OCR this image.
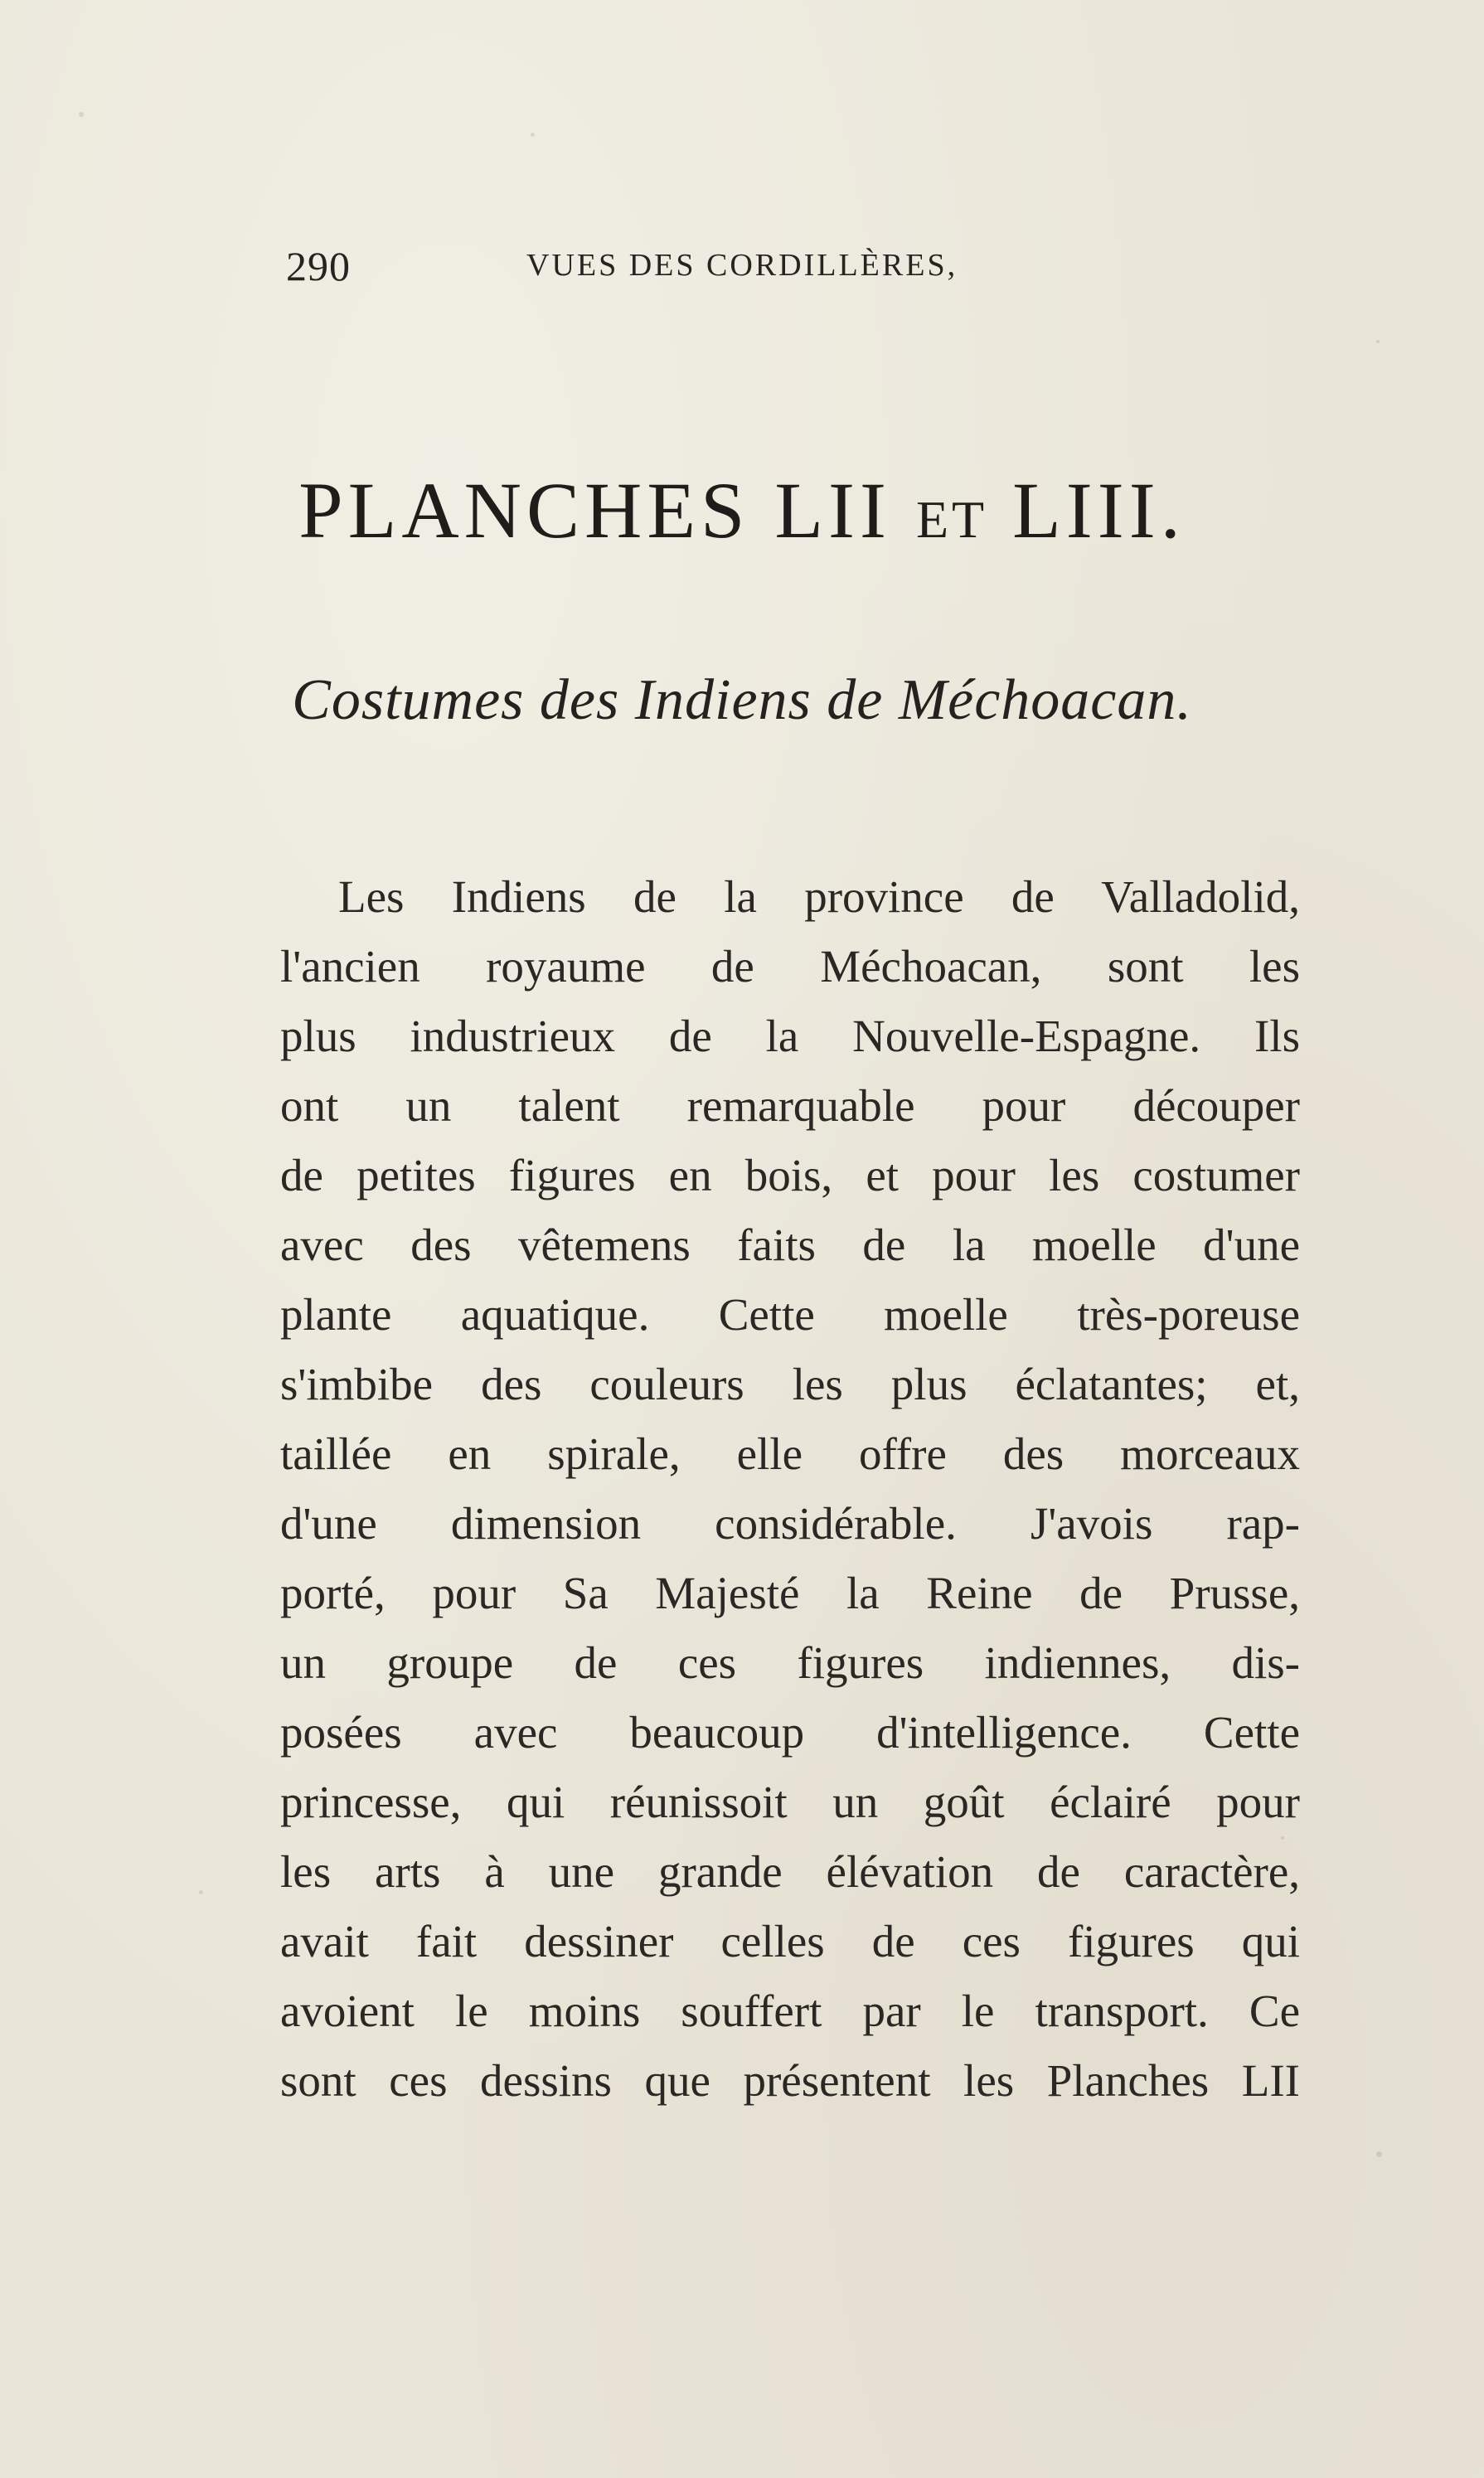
290	VUES DES CORDILLÈRES,
PLANCHES LII ET LIII.
Costumes des Indiens de Méchoacan.
Les Indiens de la province de Valladolid,
l'ancien royaume de Méchoacan, sont les
plus industrieux de la Nouvelle-Espagne. Ils
ont un talent remarquable pour découper
de petites figures en bois, et pour les costumer
avec des vêtemens faits de la moelle d'une
plante aquatique. Cette moelle très-poreuse
s'imbibe des couleurs les plus éclatantes; et,
taillée en spirale, elle offre des morceaux
d'une dimension considérable. J'avois rap-
porté, pour Sa Majesté la Reine de Prusse,
un groupe de ces figures indiennes, dis-
posées avec beaucoup d'intelligence. Cette
princesse, qui réunissoit un goût éclairé pour
les arts à une grande élévation de caractère,
avait fait dessiner celles de ces figures qui
avoient le moins souffert par le transport. Ce
sont ces dessins que présentent les Planches LII
